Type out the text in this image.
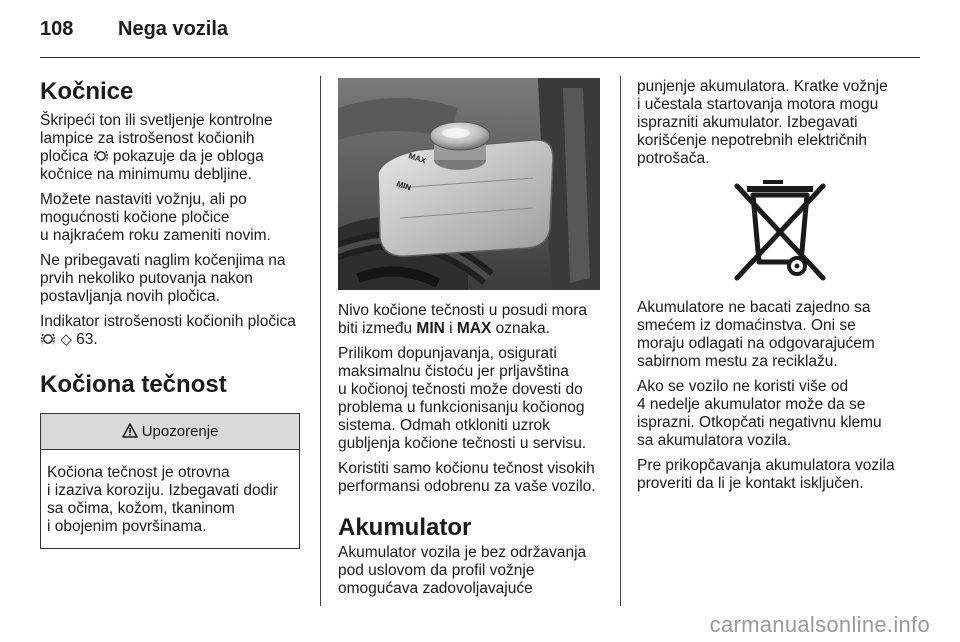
108 Nega vozila
Kočnice

Škripeći ton ili svetljenje kontrolne
lampice za istrošenost kočionih
pločica pokazuje da je obloga
kočnice na minimumu debljine.

Možete nastaviti vožnju, ali po
mogućnosti kočione pločice
u najkraćem roku zameniti novim.

Ne pribegavati naglim kočenjima na
prvih nekoliko putovanja nakon
postavljanja novih pločica.

Indikator istrošenosti kočionih pločica
◇ 63.

Kočiona tečnost
Upozorenje
Kočiona tečnost je otrovna
i izaziva koroziju. Izbegavati dodir
sa očima, kožom, tkaninom
i obojenim površinama.
MAX
MIN

Nivo kočione tečnosti u posudi mora
biti između MIN i MAX oznaka.

Prilikom dopunjavanja, osigurati
maksimalnu čistoću jer prljavština
u kočionoj tečnosti može dovesti do
problema u funkcionisanju kočionog
sistema. Odmah otkloniti uzrok
gubljenja kočione tečnosti u servisu.

Koristiti samo kočionu tečnost visokih
performansi odobrenu za vaše vozilo.

Akumulator

Akumulator vozila je bez održavanja
pod uslovom da profil vožnje
omogućava zadovoljavajuće

punjenje akumulatora. Kratke vožnje
i učestala startovanja motora mogu
isprazniti akumulator. Izbegavati
korišćenje nepotrebnih električnih
potrošača.

Akumulatore ne bacati zajedno sa
smećem iz domaćinstva. Oni se
moraju odlagati na odgovarajućem
sabirnom mestu za reciklažu.

Ako se vozilo ne koristi više od
4 nedelje akumulator može da se
isprazni. Otkopčati negativnu klemu
sa akumulatora vozila.

Pre prikopčavanja akumulatora vozila
proveriti da li je kontakt isključen.

carmanualsonline.info
